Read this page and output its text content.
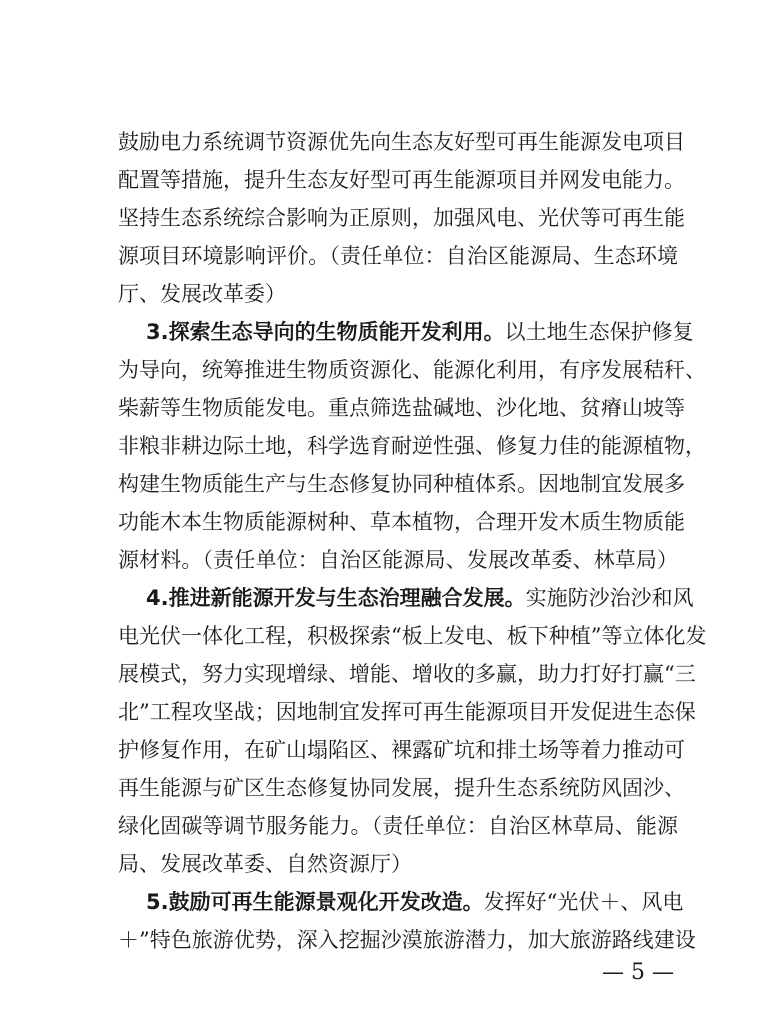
鼓励电力系统调节资源优先向生态友好型可再生能源发电项目
配置等措施，提升生态友好型可再生能源项目并网发电能力。
坚持生态系统综合影响为正原则，加强风电、光伏等可再生能
源项目环境影响评价。（责任单位：自治区能源局、生态环境
厅、发展改革委）
3.探索生态导向的生物质能开发利用。以土地生态保护修复
为导向，统筹推进生物质资源化、能源化利用，有序发展秸秆、
柴薪等生物质能发电。重点筛选盐碱地、沙化地、贫瘠山坡等
非粮非耕边际土地，科学选育耐逆性强、修复力佳的能源植物，
构建生物质能生产与生态修复协同种植体系。因地制宜发展多
功能木本生物质能源树种、草本植物，合理开发木质生物质能
源材料。（责任单位：自治区能源局、发展改革委、林草局）
4.推进新能源开发与生态治理融合发展。实施防沙治沙和风
电光伏一体化工程，积极探索“板上发电、板下种植”等立体化发
展模式，努力实现增绿、增能、增收的多赢，助力打好打赢“三
北”工程攻坚战；因地制宜发挥可再生能源项目开发促进生态保
护修复作用，在矿山塌陷区、裸露矿坑和排土场等着力推动可
再生能源与矿区生态修复协同发展，提升生态系统防风固沙、
绿化固碳等调节服务能力。（责任单位：自治区林草局、能源
局、发展改革委、自然资源厅）
5.鼓励可再生能源景观化开发改造。发挥好“光伏＋、风电
＋”特色旅游优势，深入挖掘沙漠旅游潜力，加大旅游路线建设
— 5 —
